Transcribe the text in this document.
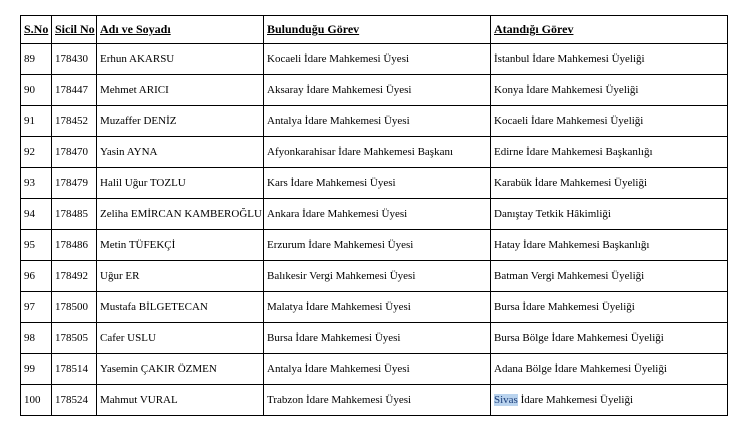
S.No	Sicil No	Adı ve Soyadı	Bulunduğu Görev	Atandığı Görev
89	178430	Erhun AKARSU	Kocaeli İdare Mahkemesi Üyesi	İstanbul İdare Mahkemesi Üyeliği
90	178447	Mehmet ARICI	Aksaray İdare Mahkemesi Üyesi	Konya İdare Mahkemesi Üyeliği
91	178452	Muzaffer DENİZ	Antalya İdare Mahkemesi Üyesi	Kocaeli İdare Mahkemesi Üyeliği
92	178470	Yasin AYNA	Afyonkarahisar İdare Mahkemesi Başkanı	Edirne İdare Mahkemesi Başkanlığı
93	178479	Halil Uğur TOZLU	Kars İdare Mahkemesi Üyesi	Karabük İdare Mahkemesi Üyeliği
94	178485	Zeliha EMİRCAN KAMBEROĞLU	Ankara İdare Mahkemesi Üyesi	Danıştay Tetkik Hâkimliği
95	178486	Metin TÜFEKÇİ	Erzurum İdare Mahkemesi Üyesi	Hatay İdare Mahkemesi Başkanlığı
96	178492	Uğur ER	Balıkesir Vergi Mahkemesi Üyesi	Batman Vergi Mahkemesi Üyeliği
97	178500	Mustafa BİLGETECAN	Malatya İdare Mahkemesi Üyesi	Bursa İdare Mahkemesi Üyeliği
98	178505	Cafer USLU	Bursa İdare Mahkemesi Üyesi	Bursa Bölge İdare Mahkemesi Üyeliği
99	178514	Yasemin ÇAKIR ÖZMEN	Antalya İdare Mahkemesi Üyesi	Adana Bölge İdare Mahkemesi Üyeliği
100	178524	Mahmut VURAL	Trabzon İdare Mahkemesi Üyesi	Sivas İdare Mahkemesi Üyeliği
